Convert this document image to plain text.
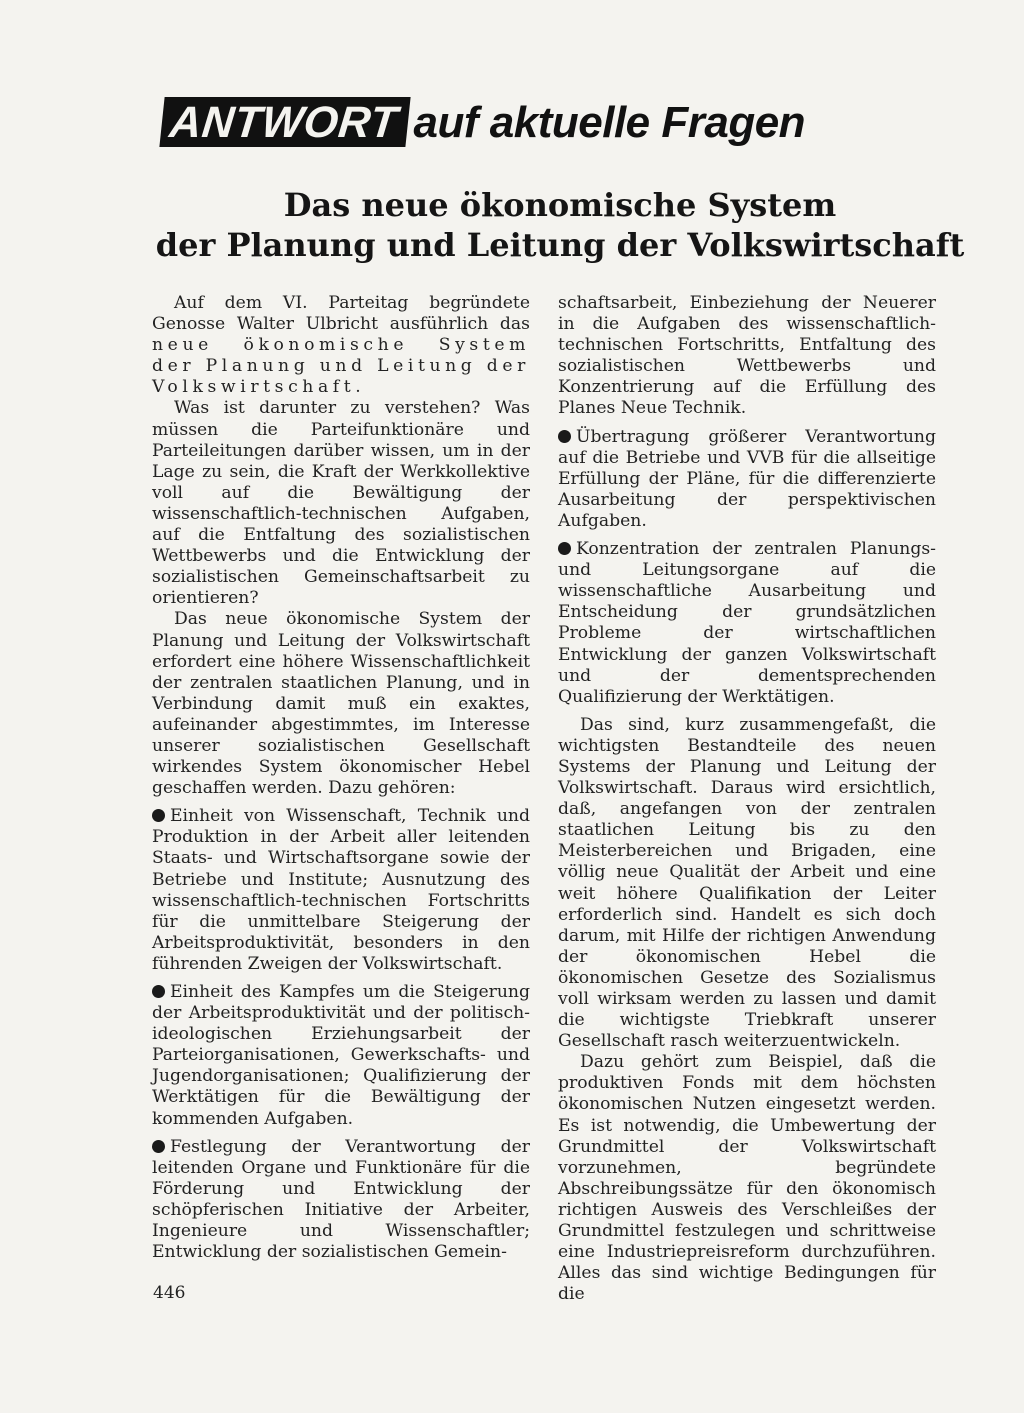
ANTWORT auf aktuelle Fragen
Das neue ökonomische System
der Planung und Leitung der Volkswirtschaft

Auf dem VI. Parteitag begründete Genosse Walter Ulbricht ausführlich das neue ökonomische System der Planung und Leitung der Volkswirtschaft.

Was ist darunter zu verstehen? Was müssen die Parteifunktionäre und Parteileitungen darüber wissen, um in der Lage zu sein, die Kraft der Werkkollektive voll auf die Bewältigung der wissenschaftlich-technischen Aufgaben, auf die Entfaltung des sozialistischen Wettbewerbs und die Entwicklung der sozialistischen Gemeinschaftsarbeit zu orientieren?

Das neue ökonomische System der Planung und Leitung der Volkswirtschaft erfordert eine höhere Wissenschaftlichkeit der zentralen staatlichen Planung, und in Verbindung damit muß ein exaktes, aufeinander abgestimmtes, im Interesse unserer sozialistischen Gesellschaft wirkendes System ökonomischer Hebel geschaffen werden. Dazu gehören:

Einheit von Wissenschaft, Technik und Produktion in der Arbeit aller leitenden Staats- und Wirtschaftsorgane sowie der Betriebe und Institute; Ausnutzung des wissenschaftlich-technischen Fortschritts für die unmittelbare Steigerung der Arbeitsproduktivität, besonders in den führenden Zweigen der Volkswirtschaft.

Einheit des Kampfes um die Steigerung der Arbeitsproduktivität und der politisch-ideologischen Erziehungsarbeit der Parteiorganisationen, Gewerkschafts- und Jugendorganisationen; Qualifizierung der Werktätigen für die Bewältigung der kommenden Aufgaben.

Festlegung der Verantwortung der leitenden Organe und Funktionäre für die Förderung und Entwicklung der schöpferischen Initiative der Arbeiter, Ingenieure und Wissenschaftler; Entwicklung der sozialistischen Gemein-

schaftsarbeit, Einbeziehung der Neuerer in die Aufgaben des wissenschaftlich-technischen Fortschritts, Entfaltung des sozialistischen Wettbewerbs und Konzentrierung auf die Erfüllung des Planes Neue Technik.

Übertragung größerer Verantwortung auf die Betriebe und VVB für die allseitige Erfüllung der Pläne, für die differenzierte Ausarbeitung der perspektivischen Aufgaben.

Konzentration der zentralen Planungs- und Leitungsorgane auf die wissenschaftliche Ausarbeitung und Entscheidung der grundsätzlichen Probleme der wirtschaftlichen Entwicklung der ganzen Volkswirtschaft und der dementsprechenden Qualifizierung der Werktätigen.

Das sind, kurz zusammengefaßt, die wichtigsten Bestandteile des neuen Systems der Planung und Leitung der Volkswirtschaft. Daraus wird ersichtlich, daß, angefangen von der zentralen staatlichen Leitung bis zu den Meisterbereichen und Brigaden, eine völlig neue Qualität der Arbeit und eine weit höhere Qualifikation der Leiter erforderlich sind. Handelt es sich doch darum, mit Hilfe der richtigen Anwendung der ökonomischen Hebel die ökonomischen Gesetze des Sozialismus voll wirksam werden zu lassen und damit die wichtigste Triebkraft unserer Gesellschaft rasch weiterzuentwickeln.

Dazu gehört zum Beispiel, daß die produktiven Fonds mit dem höchsten ökonomischen Nutzen eingesetzt werden. Es ist notwendig, die Umbewertung der Grundmittel der Volkswirtschaft vorzunehmen, begründete Abschreibungssätze für den ökonomisch richtigen Ausweis des Verschleißes der Grundmittel festzulegen und schrittweise eine Industriepreisreform durchzuführen. Alles das sind wichtige Bedingungen für die

446
